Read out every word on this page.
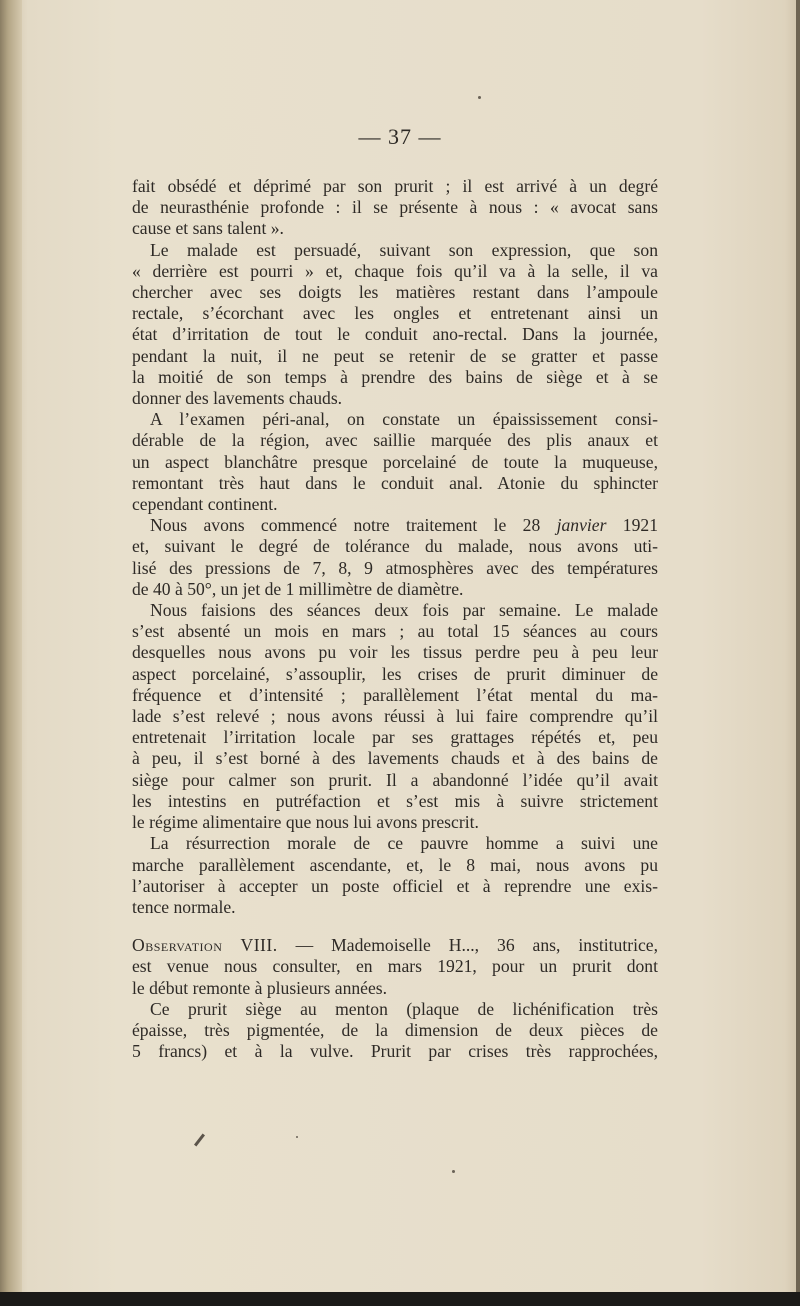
— 37 —

fait obsédé et déprimé par son prurit ; il est arrivé à un degré
de neurasthénie profonde : il se présente à nous : « avocat sans
cause et sans talent ».

Le malade est persuadé, suivant son expression, que son
« derrière est pourri » et, chaque fois qu’il va à la selle, il va
chercher avec ses doigts les matières restant dans l’ampoule
rectale, s’écorchant avec les ongles et entretenant ainsi un
état d’irritation de tout le conduit ano-rectal. Dans la journée,
pendant la nuit, il ne peut se retenir de se gratter et passe
la moitié de son temps à prendre des bains de siège et à se
donner des lavements chauds.

A l’examen péri-anal, on constate un épaississement consi-
dérable de la région, avec saillie marquée des plis anaux et
un aspect blanchâtre presque porcelainé de toute la muqueuse,
remontant très haut dans le conduit anal. Atonie du sphincter
cependant continent.

Nous avons commencé notre traitement le 28 janvier 1921
et, suivant le degré de tolérance du malade, nous avons uti-
lisé des pressions de 7, 8, 9 atmosphères avec des températures
de 40 à 50°, un jet de 1 millimètre de diamètre.

Nous faisions des séances deux fois par semaine. Le malade
s’est absenté un mois en mars ; au total 15 séances au cours
desquelles nous avons pu voir les tissus perdre peu à peu leur
aspect porcelainé, s’assouplir, les crises de prurit diminuer de
fréquence et d’intensité ; parallèlement l’état mental du ma-
lade s’est relevé ; nous avons réussi à lui faire comprendre qu’il
entretenait l’irritation locale par ses grattages répétés et, peu
à peu, il s’est borné à des lavements chauds et à des bains de
siège pour calmer son prurit. Il a abandonné l’idée qu’il avait
les intestins en putréfaction et s’est mis à suivre strictement
le régime alimentaire que nous lui avons prescrit.

La résurrection morale de ce pauvre homme a suivi une
marche parallèlement ascendante, et, le 8 mai, nous avons pu
l’autoriser à accepter un poste officiel et à reprendre une exis-
tence normale.

Observation VIII. — Mademoiselle H..., 36 ans, institutrice,
est venue nous consulter, en mars 1921, pour un prurit dont
le début remonte à plusieurs années.

Ce prurit siège au menton (plaque de lichénification très
épaisse, très pigmentée, de la dimension de deux pièces de
5 francs) et à la vulve. Prurit par crises très rapprochées,
